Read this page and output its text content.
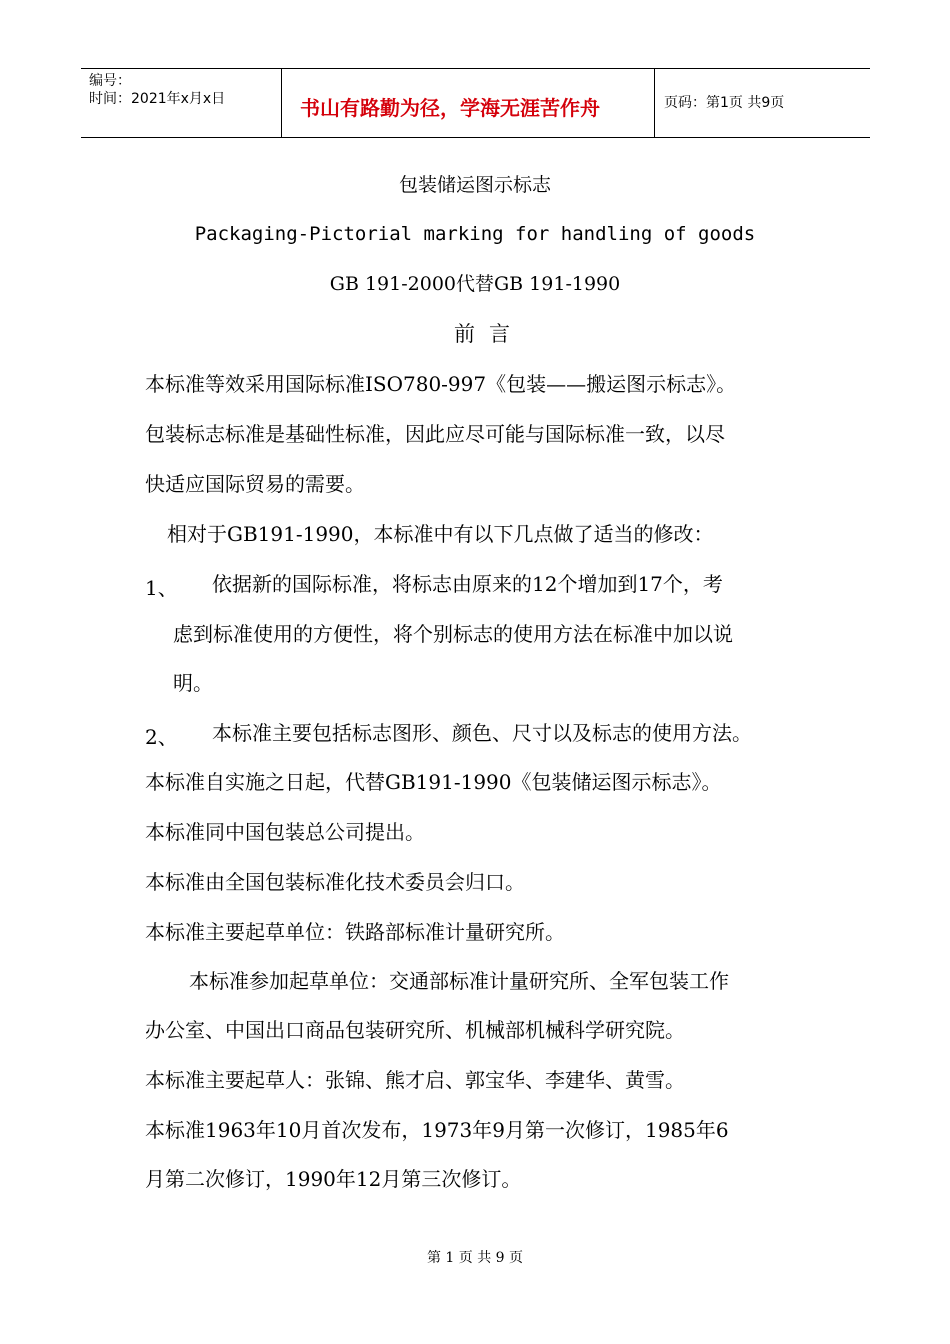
编号：
时间：2021年x月x日	书山有路勤为径，学海无涯苦作舟	页码：第1页 共9页
包装储运图示标志
Packaging-Pictorial marking for handling of goods
GB 191-2000代替GB 191-1990
前言
本标准等效采用国际标准ISO780-997《包装——搬运图示标志》。
包装标志标准是基础性标准，因此应尽可能与国际标准一致，以尽
快适应国际贸易的需要。
相对于GB191-1990，本标准中有以下几点做了适当的修改：
1、 依据新的国际标准，将标志由原来的12个增加到17个，考
虑到标准使用的方便性，将个别标志的使用方法在标准中加以说
明。
2、 本标准主要包括标志图形、颜色、尺寸以及标志的使用方法。
本标准自实施之日起，代替GB191-1990《包装储运图示标志》。
本标准同中国包装总公司提出。
本标准由全国包装标准化技术委员会归口。
本标准主要起草单位：铁路部标准计量研究所。
本标准参加起草单位：交通部标准计量研究所、全军包装工作
办公室、中国出口商品包装研究所、机械部机械科学研究院。
本标准主要起草人：张锦、熊才启、郭宝华、李建华、黄雪。
本标准1963年10月首次发布，1973年9月第一次修订，1985年6
月第二次修订，1990年12月第三次修订。
第 1 页 共 9 页
